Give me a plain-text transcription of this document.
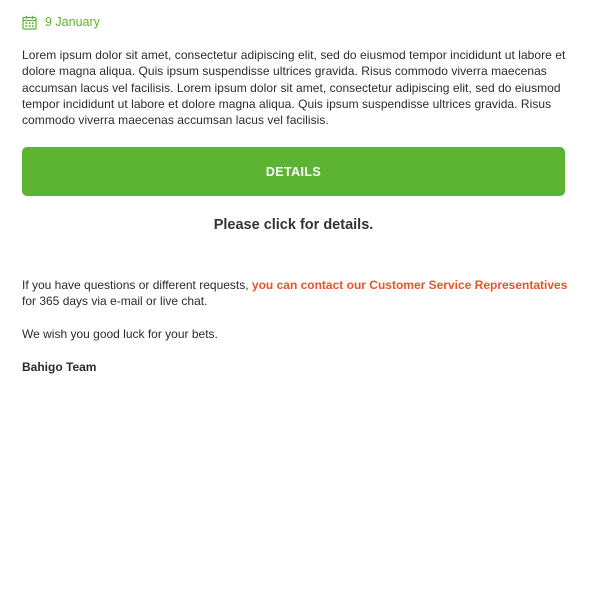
9 January

Lorem ipsum dolor sit amet, consectetur adipiscing elit, sed do eiusmod tempor incididunt ut labore et dolore magna aliqua. Quis ipsum suspendisse ultrices gravida. Risus commodo viverra maecenas accumsan lacus vel facilisis. Lorem ipsum dolor sit amet, consectetur adipiscing elit, sed do eiusmod tempor incididunt ut labore et dolore magna aliqua. Quis ipsum suspendisse ultrices gravida. Risus commodo viverra maecenas accumsan lacus vel facilisis.

DETAILS

Please click for details.

If you have questions or different requests, you can contact our Customer Service Representatives
for 365 days via e-mail or live chat.

We wish you good luck for your bets.

Bahigo Team
